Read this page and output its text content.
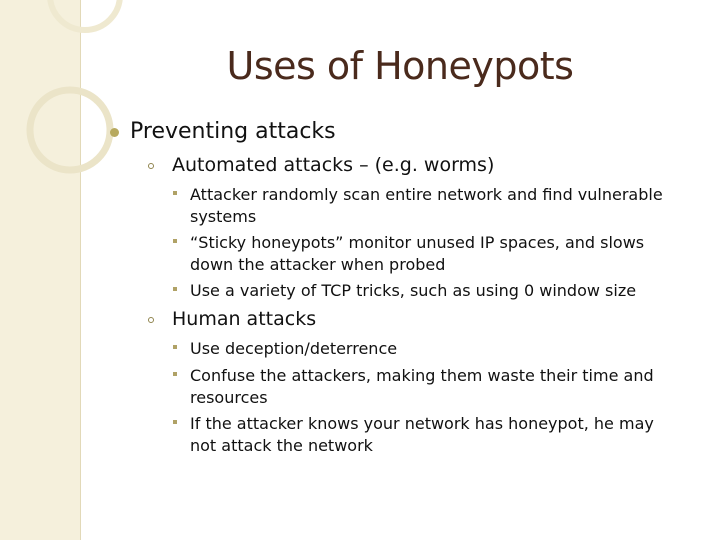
Uses of Honeypots
Preventing attacks
Automated attacks – (e.g. worms)
Attacker randomly scan entire network and find vulnerable systems
“Sticky honeypots” monitor unused IP spaces, and slows down the attacker when probed
Use a variety of TCP tricks, such as using 0 window size
Human attacks
Use deception/deterrence
Confuse the attackers, making them waste their time and resources
If the attacker knows your network has honeypot, he may not attack the network
